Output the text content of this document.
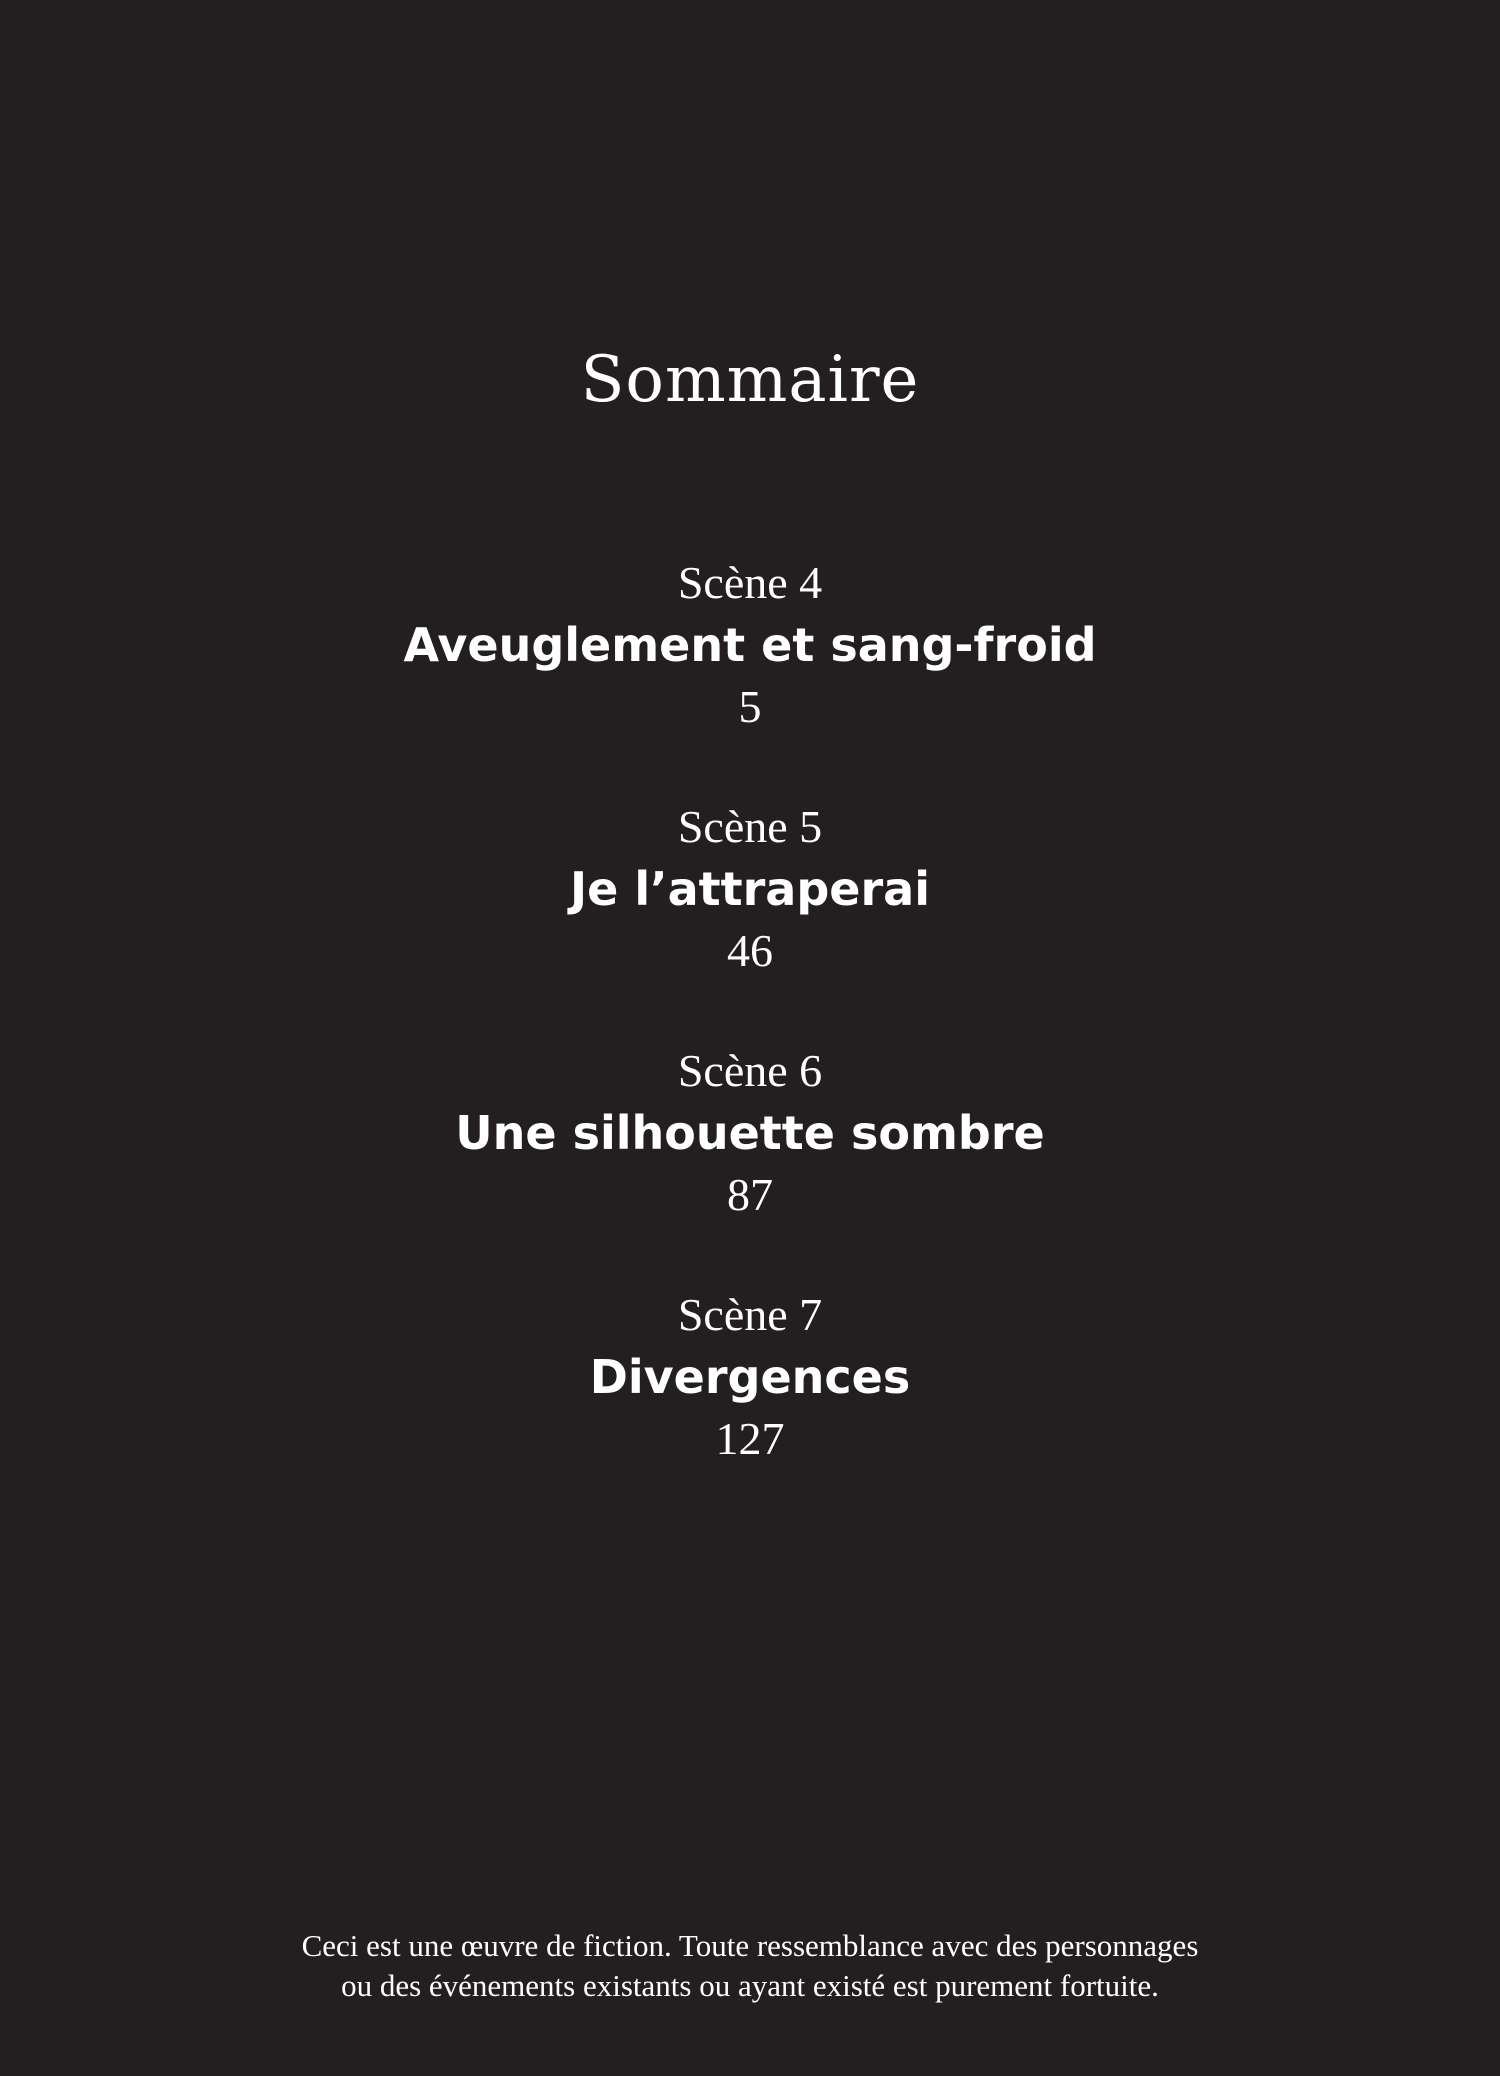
Sommaire
Scène 4
Aveuglement et sang-froid
5
Scène 5
Je l’attraperai
46
Scène 6
Une silhouette sombre
87
Scène 7
Divergences
127
Ceci est une œuvre de fiction. Toute ressemblance avec des personnages
ou des événements existants ou ayant existé est purement fortuite.
